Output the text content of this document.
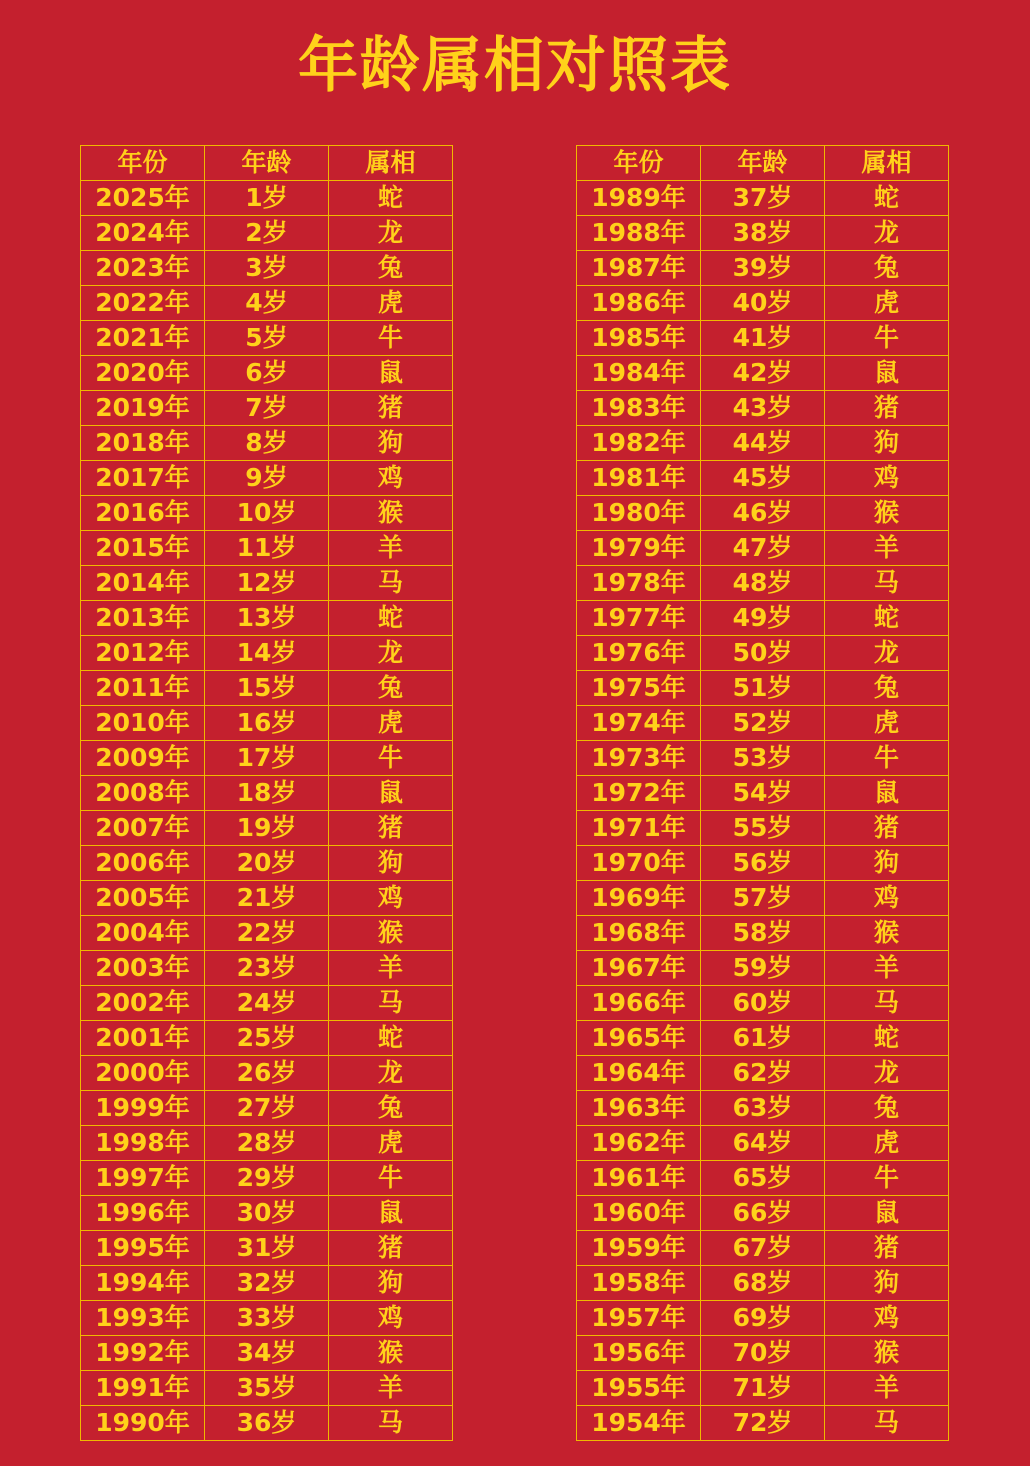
年龄属相对照表
年份	年龄	属相
2025年	1岁	蛇
2024年	2岁	龙
2023年	3岁	兔
2022年	4岁	虎
2021年	5岁	牛
2020年	6岁	鼠
2019年	7岁	猪
2018年	8岁	狗
2017年	9岁	鸡
2016年	10岁	猴
2015年	11岁	羊
2014年	12岁	马
2013年	13岁	蛇
2012年	14岁	龙
2011年	15岁	兔
2010年	16岁	虎
2009年	17岁	牛
2008年	18岁	鼠
2007年	19岁	猪
2006年	20岁	狗
2005年	21岁	鸡
2004年	22岁	猴
2003年	23岁	羊
2002年	24岁	马
2001年	25岁	蛇
2000年	26岁	龙
1999年	27岁	兔
1998年	28岁	虎
1997年	29岁	牛
1996年	30岁	鼠
1995年	31岁	猪
1994年	32岁	狗
1993年	33岁	鸡
1992年	34岁	猴
1991年	35岁	羊
1990年	36岁	马
年份	年龄	属相
1989年	37岁	蛇
1988年	38岁	龙
1987年	39岁	兔
1986年	40岁	虎
1985年	41岁	牛
1984年	42岁	鼠
1983年	43岁	猪
1982年	44岁	狗
1981年	45岁	鸡
1980年	46岁	猴
1979年	47岁	羊
1978年	48岁	马
1977年	49岁	蛇
1976年	50岁	龙
1975年	51岁	兔
1974年	52岁	虎
1973年	53岁	牛
1972年	54岁	鼠
1971年	55岁	猪
1970年	56岁	狗
1969年	57岁	鸡
1968年	58岁	猴
1967年	59岁	羊
1966年	60岁	马
1965年	61岁	蛇
1964年	62岁	龙
1963年	63岁	兔
1962年	64岁	虎
1961年	65岁	牛
1960年	66岁	鼠
1959年	67岁	猪
1958年	68岁	狗
1957年	69岁	鸡
1956年	70岁	猴
1955年	71岁	羊
1954年	72岁	马
